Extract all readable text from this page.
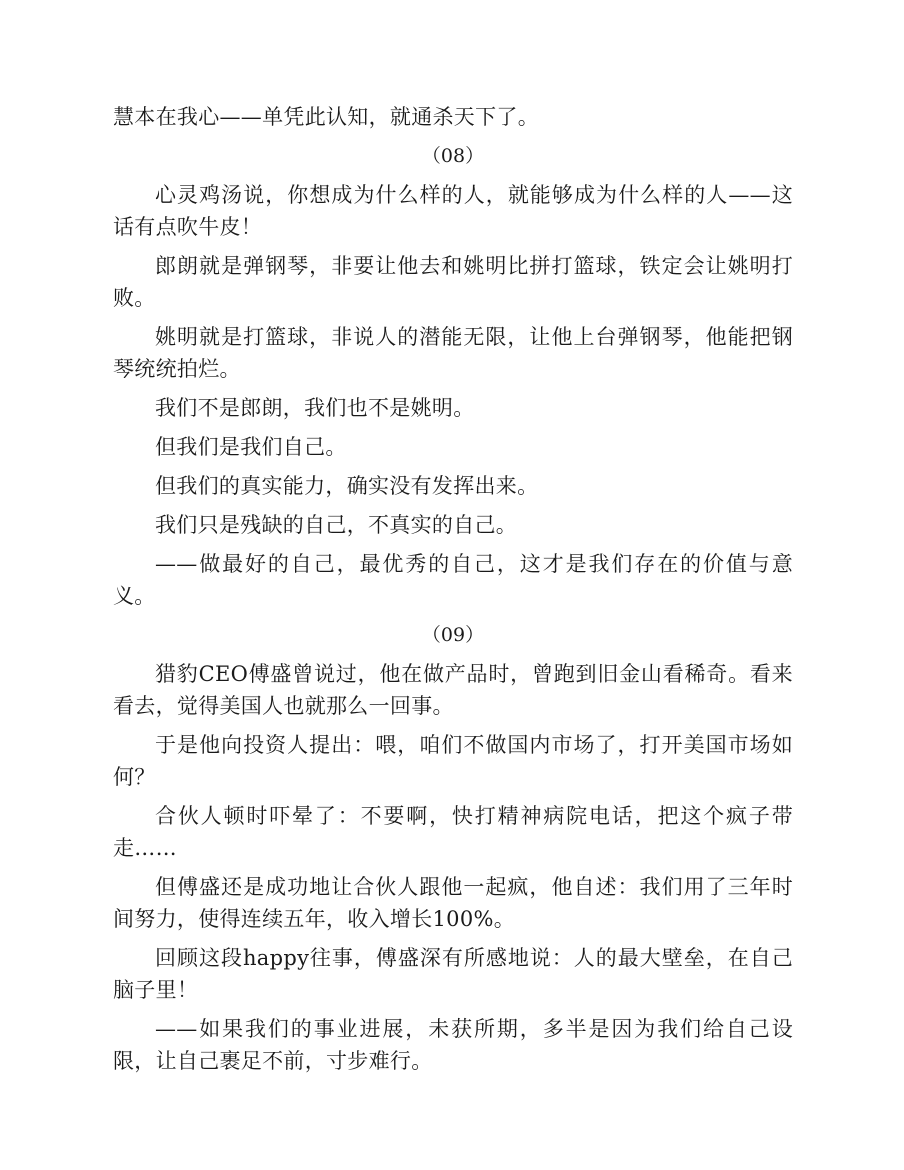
慧本在我心——单凭此认知，就通杀天下了。

（08）

心灵鸡汤说，你想成为什么样的人，就能够成为什么样的人——这话有点吹牛皮！

郎朗就是弹钢琴，非要让他去和姚明比拼打篮球，铁定会让姚明打败。

姚明就是打篮球，非说人的潜能无限，让他上台弹钢琴，他能把钢琴统统拍烂。

我们不是郎朗，我们也不是姚明。

但我们是我们自己。

但我们的真实能力，确实没有发挥出来。

我们只是残缺的自己，不真实的自己。

——做最好的自己，最优秀的自己，这才是我们存在的价值与意义。

（09）

猎豹CEO傅盛曾说过，他在做产品时，曾跑到旧金山看稀奇。看来看去，觉得美国人也就那么一回事。

于是他向投资人提出：喂，咱们不做国内市场了，打开美国市场如何？

合伙人顿时吓晕了：不要啊，快打精神病院电话，把这个疯子带走……

但傅盛还是成功地让合伙人跟他一起疯，他自述：我们用了三年时间努力，使得连续五年，收入增长100%。

回顾这段happy往事，傅盛深有所感地说：人的最大壁垒，在自己脑子里！

——如果我们的事业进展，未获所期，多半是因为我们给自己设限，让自己裹足不前，寸步难行。
